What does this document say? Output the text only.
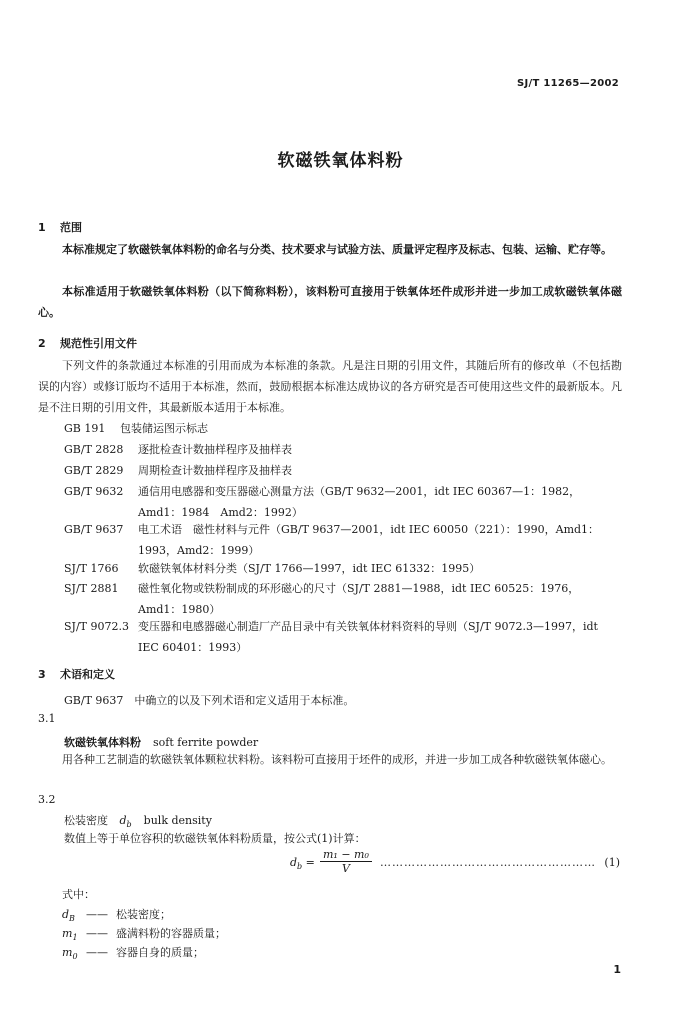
SJ/T 11265—2002
软磁铁氧体料粉
1 范围
本标准规定了软磁铁氧体料粉的命名与分类、技术要求与试验方法、质量评定程序及标志、包装、运输、贮存等。
本标准适用于软磁铁氧体料粉（以下简称料粉），该料粉可直接用于铁氧体坯件成形并进一步加工成软磁铁氧体磁心。
2 规范性引用文件
下列文件的条款通过本标准的引用而成为本标准的条款。凡是注日期的引用文件，其随后所有的修改单（不包括勘误的内容）或修订版均不适用于本标准，然而，鼓励根据本标准达成协议的各方研究是否可使用这些文件的最新版本。凡是不注日期的引用文件，其最新版本适用于本标准。
GB 191 包装储运图示标志
GB/T 2828 逐批检查计数抽样程序及抽样表
GB/T 2829 周期检查计数抽样程序及抽样表
GB/T 9632 通信用电感器和变压器磁心测量方法（GB/T 9632—2001，idt IEC 60367—1：1982，Amd1：1984　Amd2：1992）
GB/T 9637 电工术语　磁性材料与元件（GB/T 9637—2001，idt IEC 60050（221）：1990，Amd1：1993，Amd2：1999）
SJ/T 1766 软磁铁氧体材料分类（SJ/T 1766—1997，idt IEC 61332：1995）
SJ/T 2881 磁性氧化物或铁粉制成的环形磁心的尺寸（SJ/T 2881—1988，idt IEC 60525：1976，Amd1：1980）
SJ/T 9072.3 变压器和电感器磁心制造厂产品目录中有关铁氧体材料资料的导则（SJ/T 9072.3—1997，idt IEC 60401：1993）
3 术语和定义
GB/T 9637　 中确立的以及下列术语和定义适用于本标准。
3.1
软磁铁氧体料粉 soft ferrite powder
用各种工艺制造的软磁铁氧体颗粒状料粉。该料粉可直接用于坯件的成形，并进一步加工成各种软磁铁氧体磁心。
3.2
松装密度 $d_b$ bulk density
数值上等于单位容积的软磁铁氧体料粉质量，按公式(1)计算：
$d_b = \frac{\text{m₁ − m₀}}{V}$ ……………………………………………… (1)
式中：
$d_B$ —— 松装密度；
$m_1$ —— 盛满料粉的容器质量；
$m_0$ —— 容器自身的质量；
1
